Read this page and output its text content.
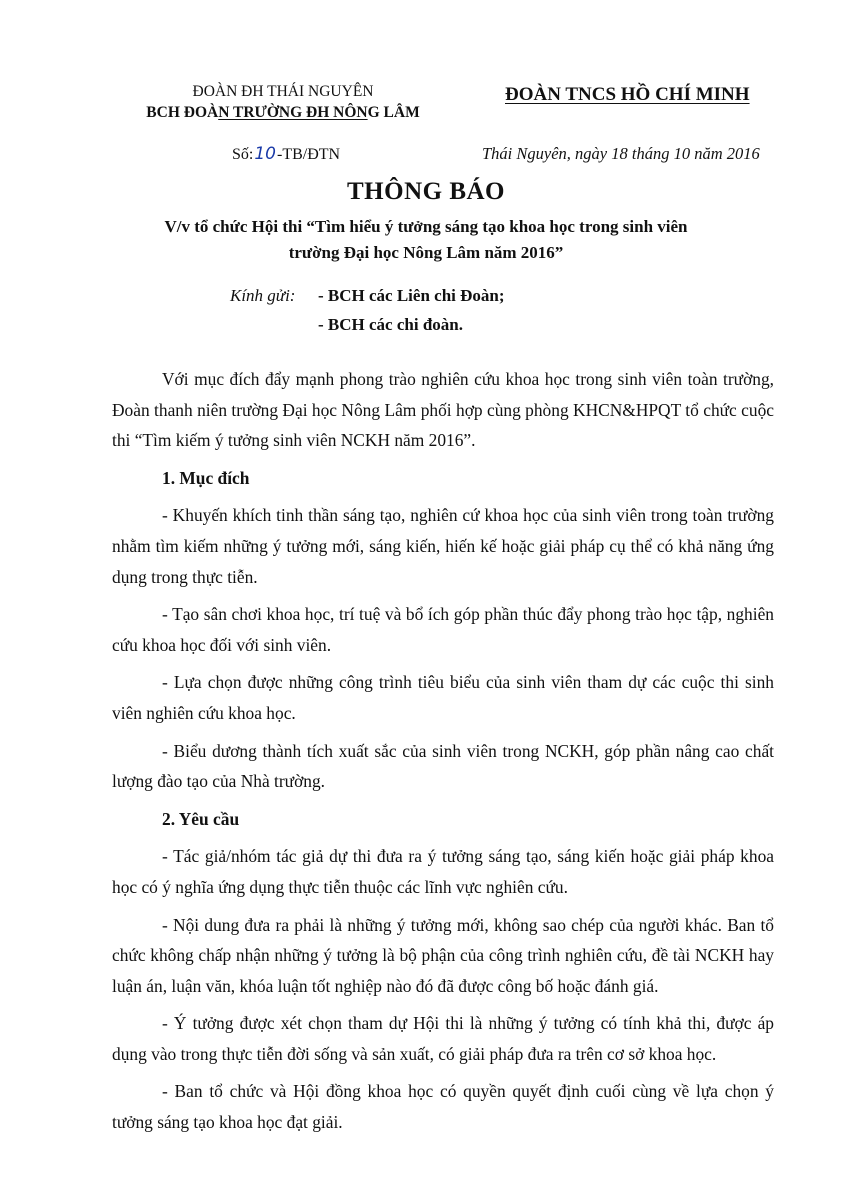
ĐOÀN ĐH THÁI NGUYÊN
BCH ĐOÀN TRƯỜNG ĐH NÔNG LÂM
ĐOÀN TNCS HỒ CHÍ MINH
Số:10-TB/ĐTN	Thái Nguyên, ngày 18 tháng 10 năm 2016
THÔNG BÁO
V/v tổ chức Hội thi “Tìm hiểu ý tưởng sáng tạo khoa học trong sinh viên
trường Đại học Nông Lâm năm 2016”
Kính gửi: - BCH các Liên chi Đoàn;
- BCH các chi đoàn.

Với mục đích đẩy mạnh phong trào nghiên cứu khoa học trong sinh viên toàn trường, Đoàn thanh niên trường Đại học Nông Lâm phối hợp cùng phòng KHCN&HPQT tổ chức cuộc thi “Tìm kiếm ý tưởng sinh viên NCKH năm 2016”.

1. Mục đích

- Khuyến khích tinh thần sáng tạo, nghiên cứ khoa học của sinh viên trong toàn trường nhằm tìm kiếm những ý tưởng mới, sáng kiến, hiến kế hoặc giải pháp cụ thể có khả năng ứng dụng trong thực tiễn.

- Tạo sân chơi khoa học, trí tuệ và bổ ích góp phần thúc đẩy phong trào học tập, nghiên cứu khoa học đối với sinh viên.

- Lựa chọn được những công trình tiêu biểu của sinh viên tham dự các cuộc thi sinh viên nghiên cứu khoa học.

- Biểu dương thành tích xuất sắc của sinh viên trong NCKH, góp phần nâng cao chất lượng đào tạo của Nhà trường.

2. Yêu cầu

- Tác giả/nhóm tác giả dự thi đưa ra ý tưởng sáng tạo, sáng kiến hoặc giải pháp khoa học có ý nghĩa ứng dụng thực tiễn thuộc các lĩnh vực nghiên cứu.

- Nội dung đưa ra phải là những ý tưởng mới, không sao chép của người khác. Ban tổ chức không chấp nhận những ý tưởng là bộ phận của công trình nghiên cứu, đề tài NCKH hay luận án, luận văn, khóa luận tốt nghiệp nào đó đã được công bố hoặc đánh giá.

- Ý tưởng được xét chọn tham dự Hội thi là những ý tưởng có tính khả thi, được áp dụng vào trong thực tiễn đời sống và sản xuất, có giải pháp đưa ra trên cơ sở khoa học.

- Ban tổ chức và Hội đồng khoa học có quyền quyết định cuối cùng về lựa chọn ý tưởng sáng tạo khoa học đạt giải.
